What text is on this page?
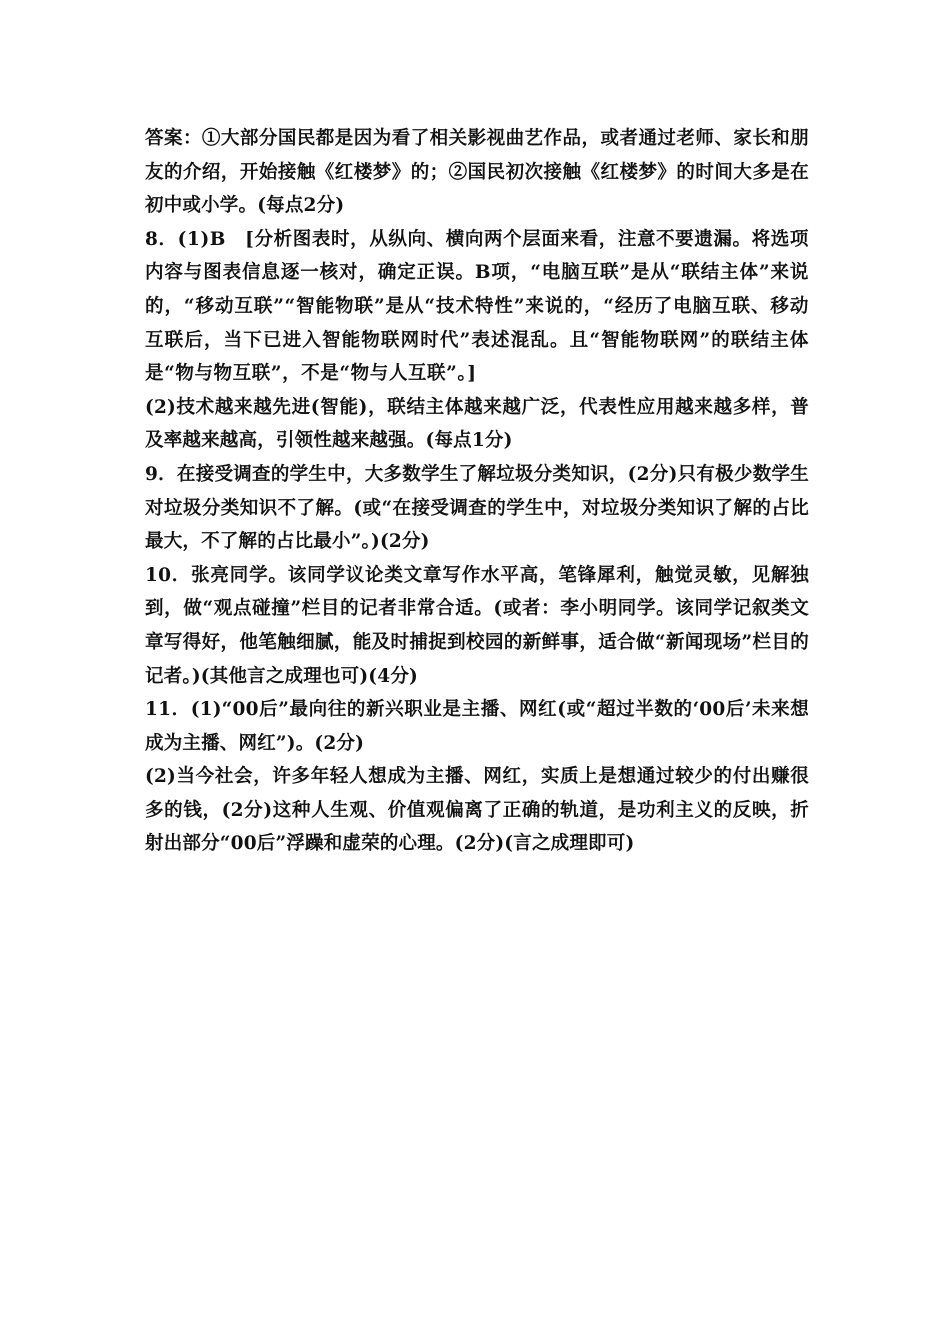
答案：①大部分国民都是因为看了相关影视曲艺作品，或者通过老师、家长和朋友的介绍，开始接触《红楼梦》的；②国民初次接触《红楼梦》的时间大多是在初中或小学。(每点2分)

8．(1)B　[分析图表时，从纵向、横向两个层面来看，注意不要遗漏。将选项内容与图表信息逐一核对，确定正误。B项，“电脑互联”是从“联结主体”来说的，“移动互联”“智能物联”是从“技术特性”来说的，“经历了电脑互联、移动互联后，当下已进入智能物联网时代”表述混乱。且“智能物联网”的联结主体是“物与物互联”，不是“物与人互联”。]

(2)技术越来越先进(智能)，联结主体越来越广泛，代表性应用越来越多样，普及率越来越高，引领性越来越强。(每点1分)

9．在接受调查的学生中，大多数学生了解垃圾分类知识，(2分)只有极少数学生对垃圾分类知识不了解。(或“在接受调查的学生中，对垃圾分类知识了解的占比最大，不了解的占比最小”。)(2分)

10．张亮同学。该同学议论类文章写作水平高，笔锋犀利，触觉灵敏，见解独到，做“观点碰撞”栏目的记者非常合适。(或者：李小明同学。该同学记叙类文章写得好，他笔触细腻，能及时捕捉到校园的新鲜事，适合做“新闻现场”栏目的记者。)(其他言之成理也可)(4分)

11．(1)“00后”最向往的新兴职业是主播、网红(或“超过半数的‘00后’未来想成为主播、网红”)。(2分)

(2)当今社会，许多年轻人想成为主播、网红，实质上是想通过较少的付出赚很多的钱，(2分)这种人生观、价值观偏离了正确的轨道，是功利主义的反映，折射出部分“00后”浮躁和虚荣的心理。(2分)(言之成理即可)
